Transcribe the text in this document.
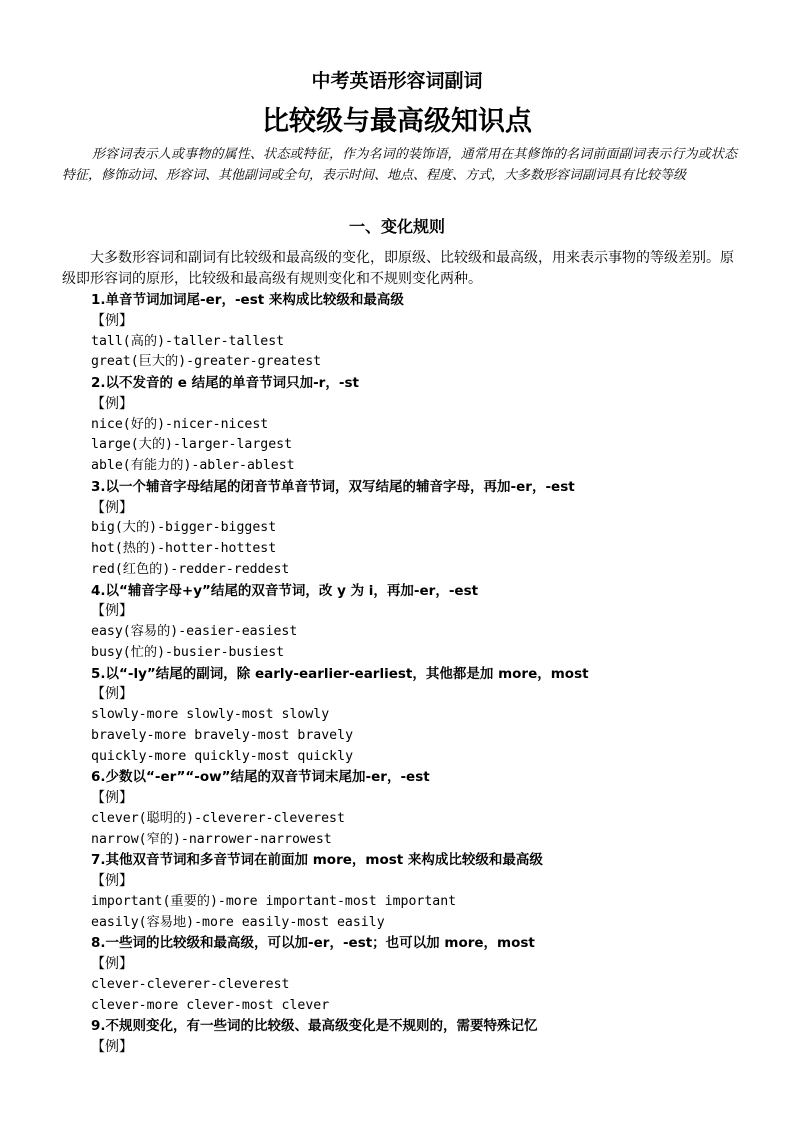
中考英语形容词副词
比较级与最高级知识点
形容词表示人或事物的属性、状态或特征，作为名词的装饰语，通常用在其修饰的名词前面副词表示行为或状态特征，修饰动词、形容词、其他副词或全句，表示时间、地点、程度、方式，大多数形容词副词具有比较等级
一、变化规则
大多数形容词和副词有比较级和最高级的变化，即原级、比较级和最高级，用来表示事物的等级差别。原级即形容词的原形，比较级和最高级有规则变化和不规则变化两种。
1.单音节词加词尾-er，-est 来构成比较级和最高级
【例】
tall(高的)-taller-tallest
great(巨大的)-greater-greatest
2.以不发音的 e 结尾的单音节词只加-r，-st
【例】
nice(好的)-nicer-nicest
large(大的)-larger-largest
able(有能力的)-abler-ablest
3.以一个辅音字母结尾的闭音节单音节词，双写结尾的辅音字母，再加-er，-est
【例】
big(大的)-bigger-biggest
hot(热的)-hotter-hottest
red(红色的)-redder-reddest
4.以“辅音字母+y”结尾的双音节词，改 y 为 i，再加-er，-est
【例】
easy(容易的)-easier-easiest
busy(忙的)-busier-busiest
5.以“-ly”结尾的副词，除 early-earlier-earliest，其他都是加 more，most
【例】
slowly-more slowly-most slowly
bravely-more bravely-most bravely
quickly-more quickly-most quickly
6.少数以“-er”“-ow”结尾的双音节词末尾加-er，-est
【例】
clever(聪明的)-cleverer-cleverest
narrow(窄的)-narrower-narrowest
7.其他双音节词和多音节词在前面加 more，most 来构成比较级和最高级
【例】
important(重要的)-more important-most important
easily(容易地)-more easily-most easily
8.一些词的比较级和最高级，可以加-er，-est；也可以加 more，most
【例】
clever-cleverer-cleverest
clever-more clever-most clever
9.不规则变化，有一些词的比较级、最高级变化是不规则的，需要特殊记忆
【例】
